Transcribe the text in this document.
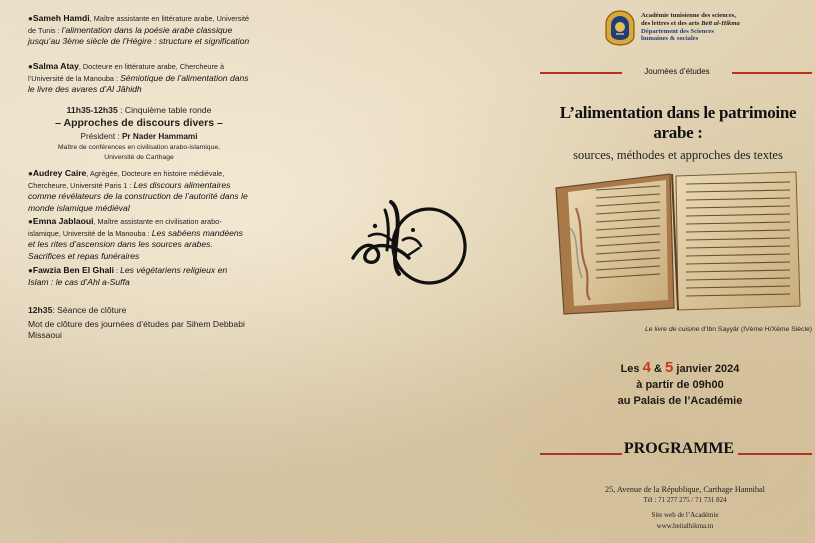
●Sameh Hamdi, Maître assistante en littérature arabe, Université de Tunis : l’alimentation dans la poésie arabe classique jusqu’au 3ème siècle de l’Hégire : structure et signification
●Salma Atay, Docteure en littérature arabe, Chercheure à l’Université de la Manouba : Sémiotique de l’alimentation dans le livre des avares d’Al Jâhidh
11h35-12h35 : Cinquième table ronde
– Approches de discours divers –
Président : Pr Nader Hammami
Maître de conférences en civilisation arabo-islamique,
Université de Carthage
●Audrey Caire, Agrégée, Docteure en histoire médiévale, Chercheure, Université Paris 1 : Les discours alimentaires comme révélateurs de la construction de l’autorité dans le monde islamique médiéval
●Emna Jablaoui, Maître assistante en civilisation arabo-islamique, Université de la Manouba : Les sabéens mandéens et les rites d’ascension dans les sources arabes. Sacrifices et repas funéraires
●Fawzia Ben El Ghali : Les végétariens religieux en Islam : le cas d’Ahl a-Suffa
12h35: Séance de clôture
Mot de clôture des journées d’études par Sihem Debbabi Missaoui
Académie tunisienne des sciences,
des lettres et des arts Beït al-Hikma
Département des Sciences
humaines & sociales
Journées d’études
L’alimentation dans le patrimoine arabe :
sources, méthodes et approches des textes
Le livre de cuisine d’Ibn Sayyâr (IVème H/Xème Siècle)
Les 4 & 5 janvier 2024
à partir de 09h00
au Palais de l’Académie
PROGRAMME
25, Avenue de la République, Carthage Hannibal
Tél : 71 277 275 / 71 731 824
Site web de l’Académie
www.beitalhikma.tn
